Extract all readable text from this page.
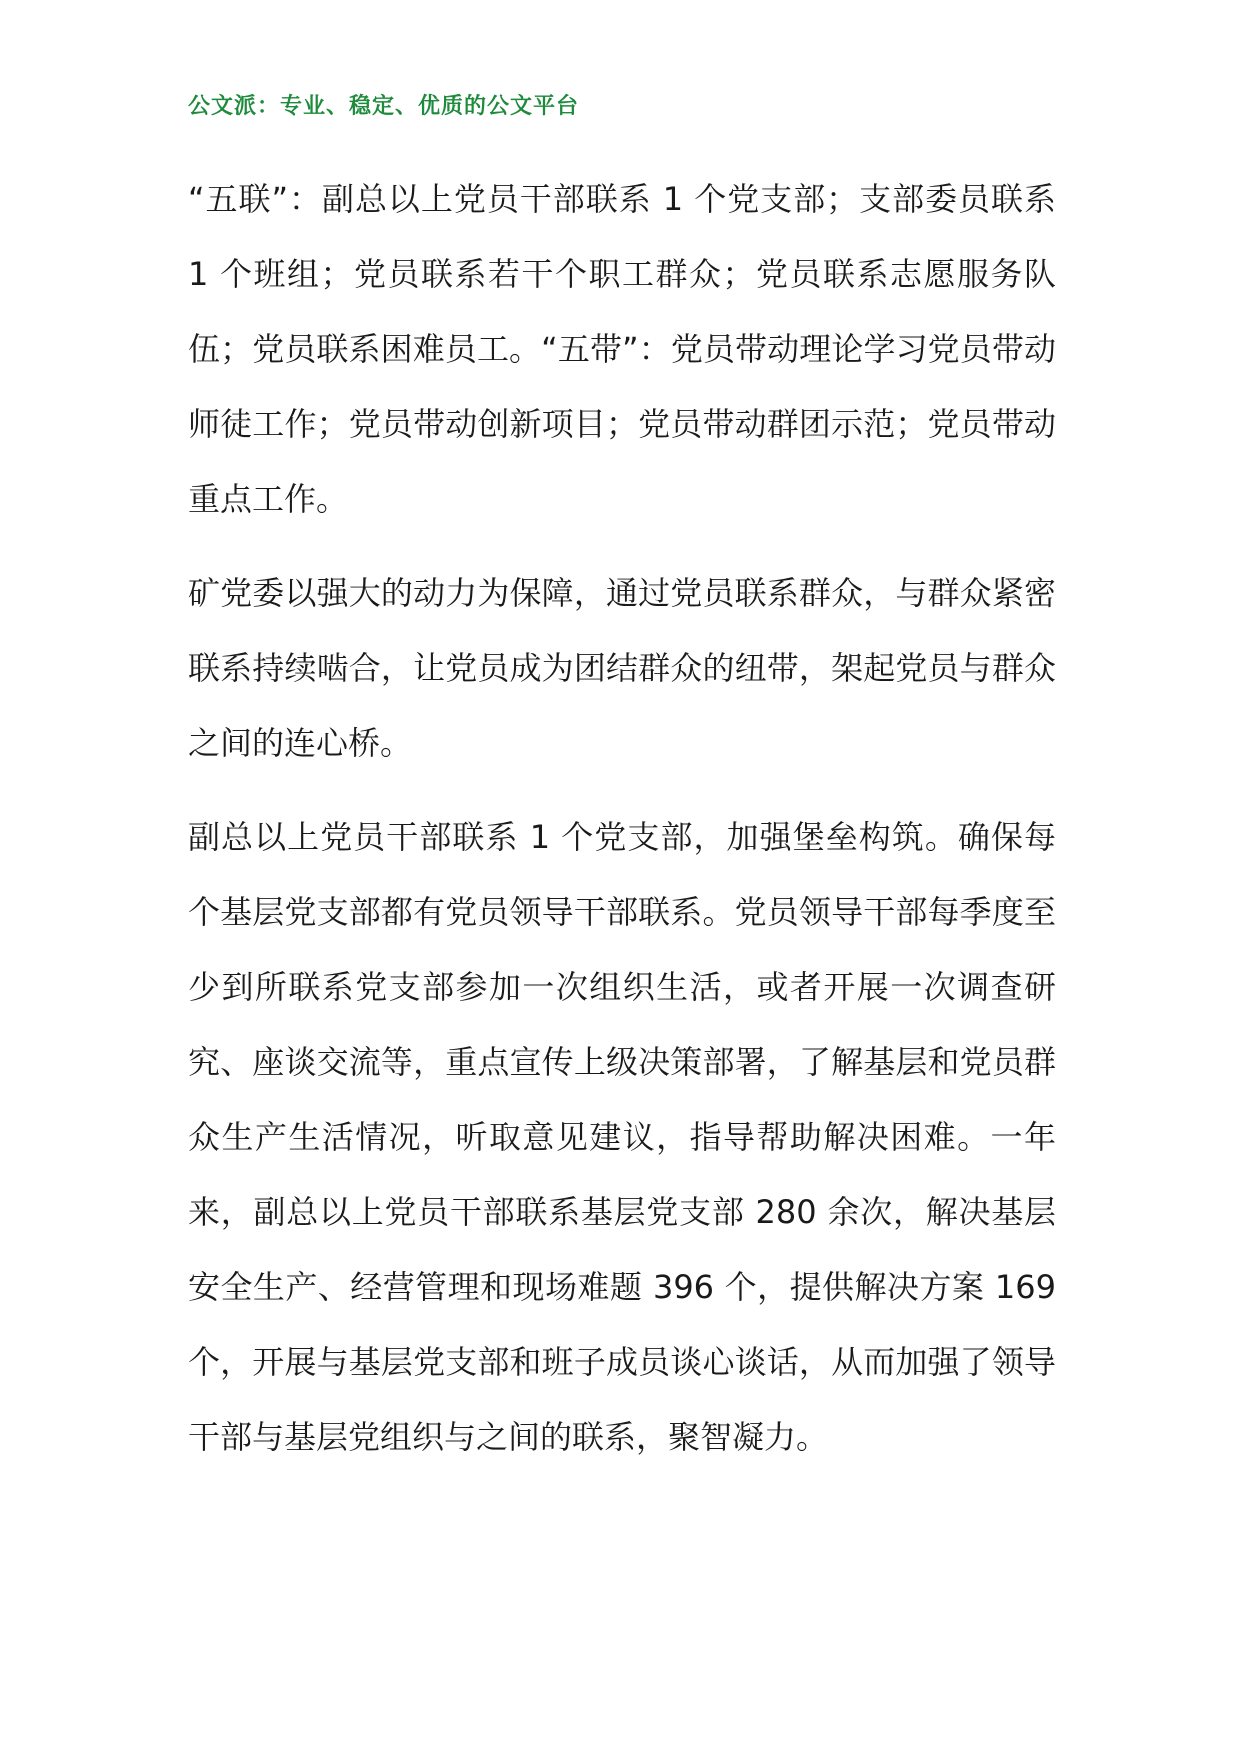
公文派：专业、稳定、优质的公文平台

“五联”：副总以上党员干部联系 1 个党支部；支部委员联系 1 个班组；党员联系若干个职工群众；党员联系志愿服务队伍；党员联系困难员工。“五带”：党员带动理论学习党员带动师徒工作；党员带动创新项目；党员带动群团示范；党员带动重点工作。

矿党委以强大的动力为保障，通过党员联系群众，与群众紧密联系持续啮合，让党员成为团结群众的纽带，架起党员与群众之间的连心桥。

副总以上党员干部联系 1 个党支部，加强堡垒构筑。确保每个基层党支部都有党员领导干部联系。党员领导干部每季度至少到所联系党支部参加一次组织生活，或者开展一次调查研究、座谈交流等，重点宣传上级决策部署，了解基层和党员群众生产生活情况，听取意见建议，指导帮助解决困难。一年来，副总以上党员干部联系基层党支部 280 余次，解决基层安全生产、经营管理和现场难题 396 个，提供解决方案 169 个，开展与基层党支部和班子成员谈心谈话，从而加强了领导干部与基层党组织与之间的联系，聚智凝力。
